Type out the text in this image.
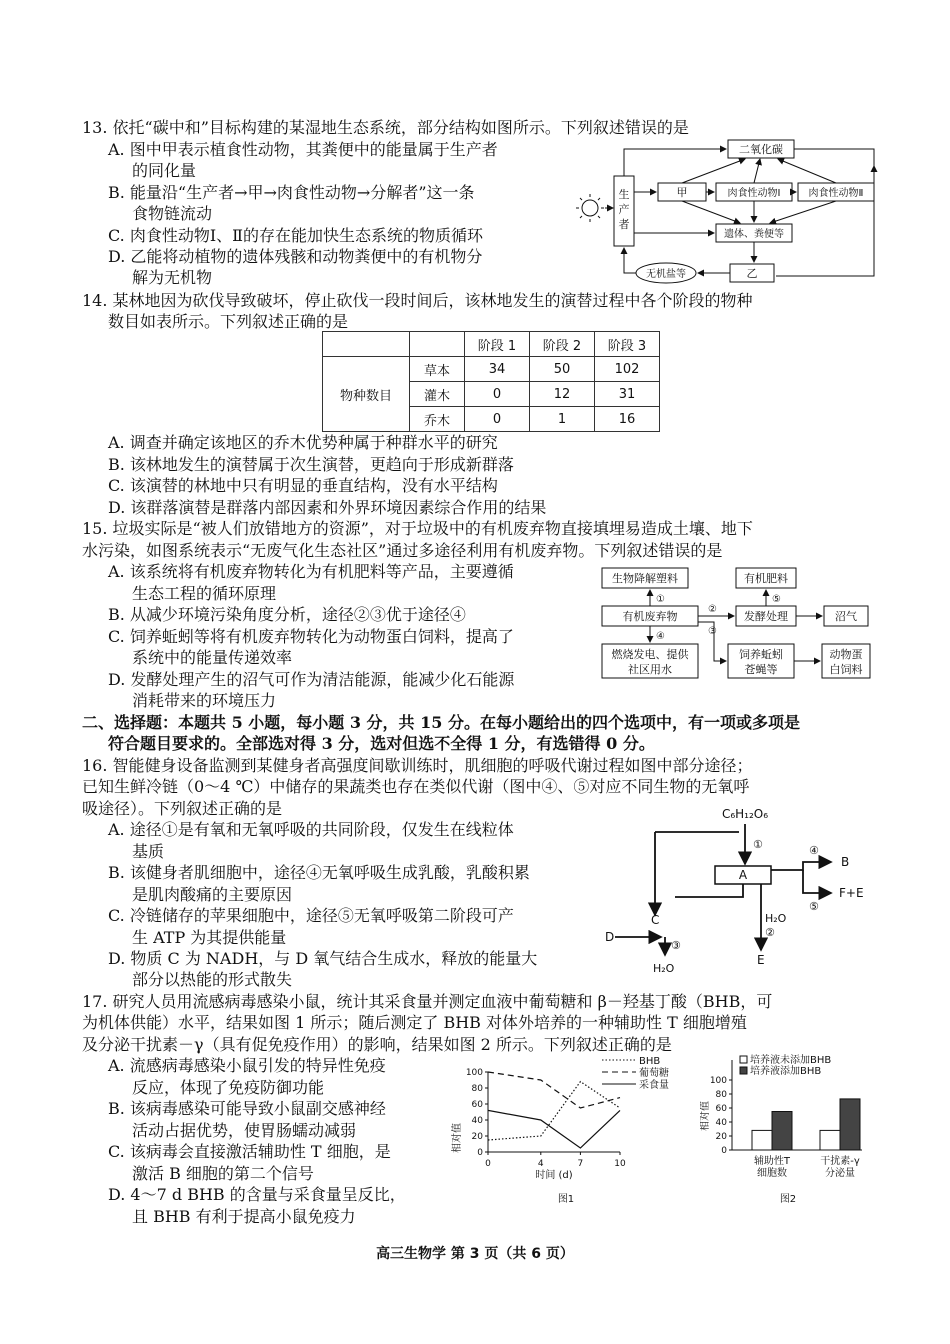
13. 依托“碳中和”目标构建的某湿地生态系统，部分结构如图所示。下列叙述错误的是
A. 图中甲表示植食性动物，其粪便中的能量属于生产者
的同化量
B. 能量沿“生产者→甲→肉食性动物→分解者”这一条
食物链流动
C. 肉食性动物Ⅰ、Ⅱ的存在能加快生态系统的物质循环
D. 乙能将动植物的遗体残骸和动物粪便中的有机物分
解为无机物
生
产
者
二氧化碳
甲	肉食性动物Ⅰ	肉食性动物Ⅱ
遗体、粪便等
乙
无机盐等
14. 某林地因为砍伐导致破坏，停止砍伐一段时间后，该林地发生的演替过程中各个阶段的物种
数目如表所示。下列叙述正确的是
		阶段 1	阶段 2	阶段 3
物种数目	草本	34	50	102
	灌木	0	12	31
	乔木	0	1	16
A. 调查并确定该地区的乔木优势种属于种群水平的研究
B. 该林地发生的演替属于次生演替，更趋向于形成新群落
C. 该演替的林地中只有明显的垂直结构，没有水平结构
D. 该群落演替是群落内部因素和外界环境因素综合作用的结果
15. 垃圾实际是“被人们放错地方的资源”，对于垃圾中的有机废弃物直接填埋易造成土壤、地下
水污染，如图系统表示“无废气化生态社区”通过多途径利用有机废弃物。下列叙述错误的是
A. 该系统将有机废弃物转化为有机肥料等产品，主要遵循
生态工程的循环原理
B. 从减少环境污染角度分析，途径②③优于途径④
C. 饲养蚯蚓等将有机废弃物转化为动物蛋白饲料，提高了
系统中的能量传递效率
D. 发酵处理产生的沼气可作为清洁能源，能减少化石能源
消耗带来的环境压力
生物降解塑料	有机肥料
有机废弃物	发酵处理	沼气
燃烧发电、提供
社区用水
饲养蚯蚓
苍蝇等
动物蛋
白饲料
①
②
③
④
⑤
二、选择题：本题共 5 小题，每小题 3 分，共 15 分。在每小题给出的四个选项中，有一项或多项是
符合题目要求的。全部选对得 3 分，选对但选不全得 1 分，有选错得 0 分。
16. 智能健身设备监测到某健身者高强度间歇训练时，肌细胞的呼吸代谢过程如图中部分途径；
已知生鲜冷链（0～4 ℃）中储存的果蔬类也存在类似代谢（图中④、⑤对应不同生物的无氧呼
吸途径）。下列叙述正确的是
A. 途径①是有氧和无氧呼吸的共同阶段，仅发生在线粒体
基质
B. 该健身者肌细胞中，途径④无氧呼吸生成乳酸，乳酸积累
是肌肉酸痛的主要原因
C. 冷链储存的苹果细胞中，途径⑤无氧呼吸第二阶段可产
生 ATP 为其提供能量
D. 物质 C 为 NADH，与 D 氧气结合生成水，释放的能量大
部分以热能的形式散失
C₆H₁₂O₆
A
①	④
B
⑤
F+E
C	H₂O
②
D
③
H₂O
E
17. 研究人员用流感病毒感染小鼠，统计其采食量并测定血液中葡萄糖和 β－羟基丁酸（BHB，可
为机体供能）水平，结果如图 1 所示；随后测定了 BHB 对体外培养的一种辅助性 T 细胞增殖
及分泌干扰素－γ（具有促免疫作用）的影响，结果如图 2 所示。下列叙述正确的是
A. 流感病毒感染小鼠引发的特异性免疫
反应，体现了免疫防御功能
B. 该病毒感染可能导致小鼠副交感神经
活动占据优势，使胃肠蠕动减弱
C. 该病毒会直接激活辅助性 T 细胞，是
激活 B 细胞的第二个信号
D. 4～7 d BHB 的含量与采食量呈反比，
且 BHB 有利于提高小鼠免疫力
相对值 0
20
40
60
80
100
0	4	7	10
时间 (d)
BHB
葡萄糖
采食量
图1
相对值
0
20
40
60
80
100
培养液未添加BHB
培养液添加BHB
辅助性T
细胞数
干扰素-γ
分泌量
图2
高三生物学 第 3 页（共 6 页）
